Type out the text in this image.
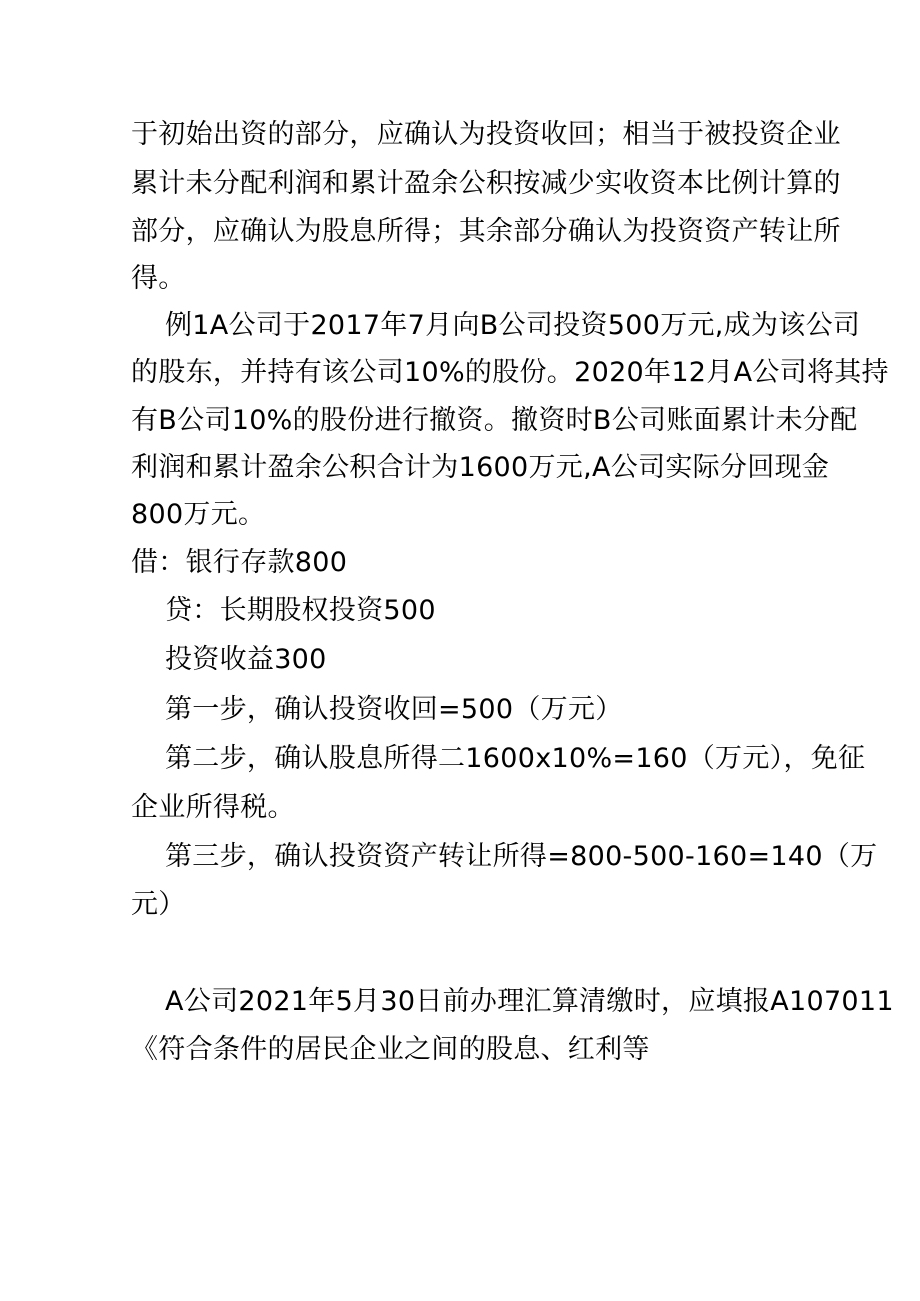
于初始出资的部分，应确认为投资收回；相当于被投资企业
累计未分配利润和累计盈余公积按减少实收资本比例计算的
部分，应确认为股息所得；其余部分确认为投资资产转让所
得。
例1A公司于2017年7月向B公司投资500万元,成为该公司
的股东，并持有该公司10%的股份。2020年12月A公司将其持
有B公司10%的股份进行撤资。撤资时B公司账面累计未分配
利润和累计盈余公积合计为1600万元,A公司实际分回现金
800万元。
借：银行存款800
贷：长期股权投资500
投资收益300
第一步，确认投资收回=500（万元）
第二步，确认股息所得二1600x10%=160（万元），免征
企业所得税。
第三步，确认投资资产转让所得=800-500-160=140（万
元）
A公司2021年5月30日前办理汇算清缴时，应填报A107011
《符合条件的居民企业之间的股息、红利等
